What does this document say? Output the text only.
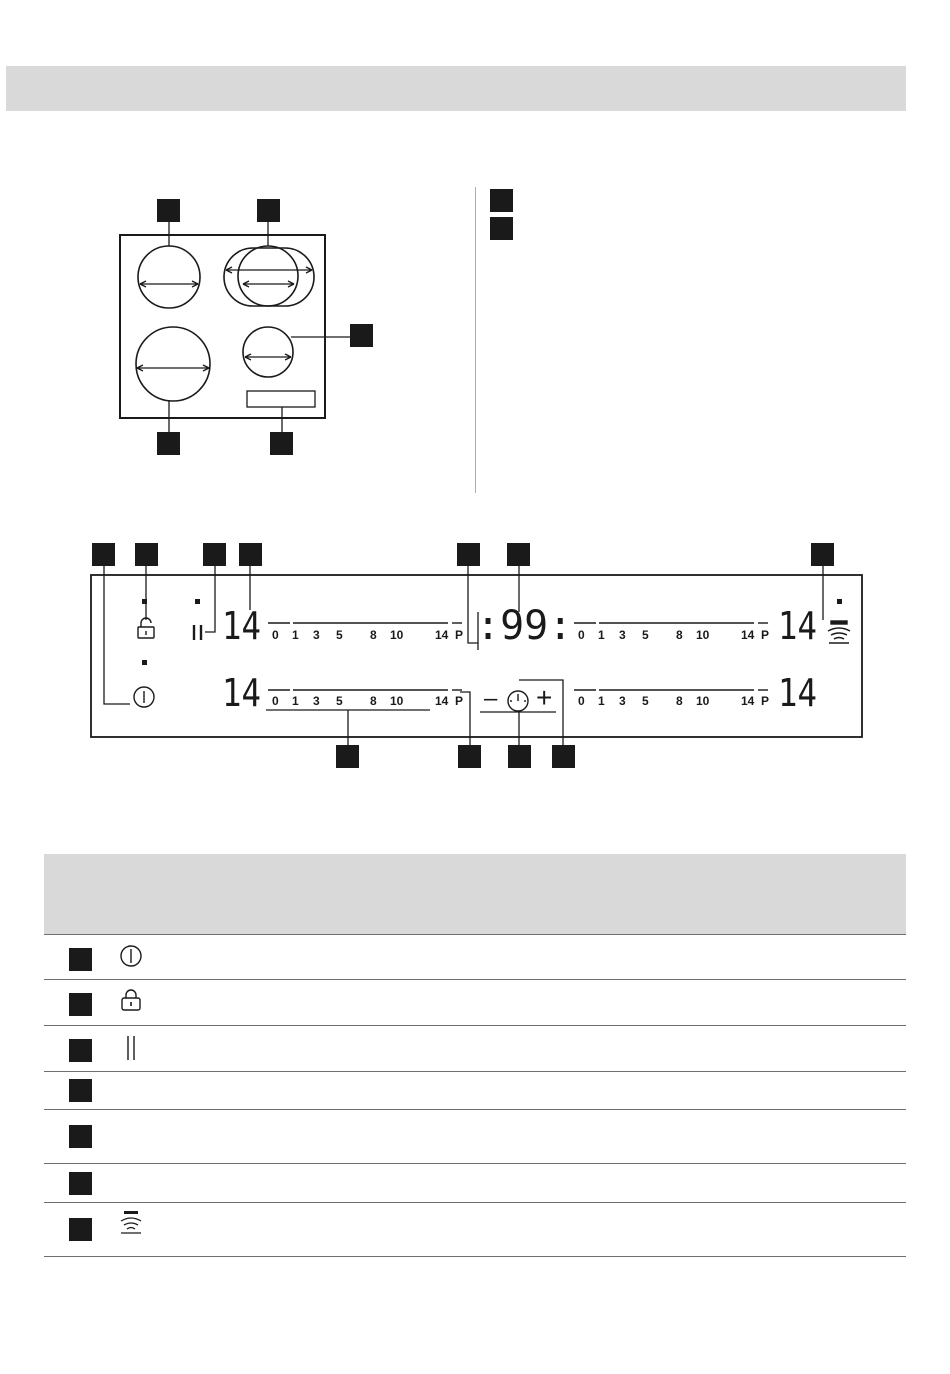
0 1 3 5 8 10	14 P
0 1 3 5 8 10	14 P
0 1 3 5 8 10	14 P
0 1 3 5 8 10	14 P
14
14
14
14
:99:
– +
